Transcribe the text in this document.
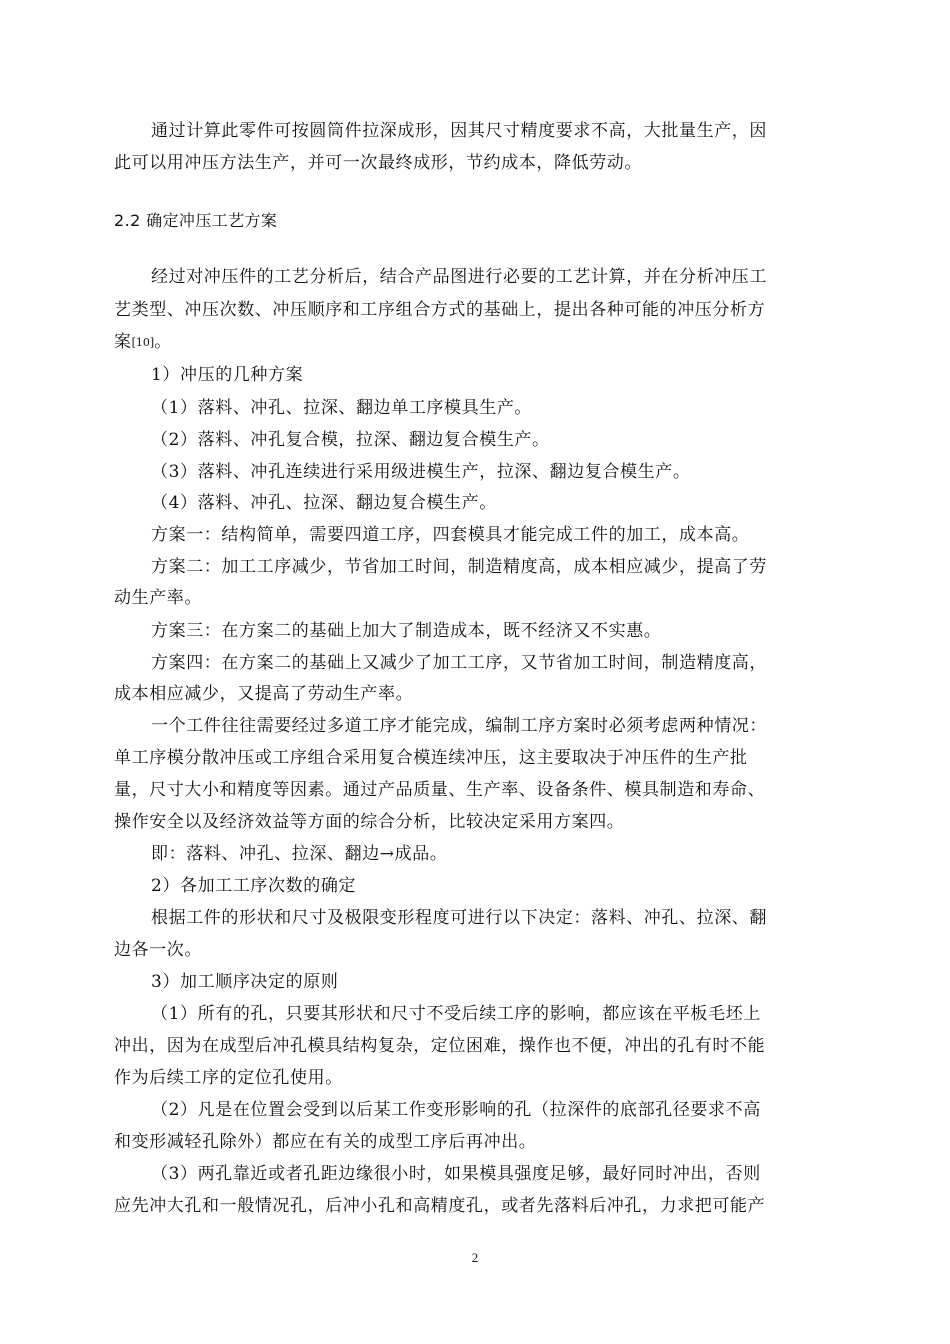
通过计算此零件可按圆筒件拉深成形，因其尺寸精度要求不高，大批量生产，因
此可以用冲压方法生产，并可一次最终成形，节约成本，降低劳动。
2.2 确定冲压工艺方案
经过对冲压件的工艺分析后，结合产品图进行必要的工艺计算，并在分析冲压工
艺类型、冲压次数、冲压顺序和工序组合方式的基础上，提出各种可能的冲压分析方
案[10]。
1）冲压的几种方案
（1）落料、冲孔、拉深、翻边单工序模具生产。
（2）落料、冲孔复合模，拉深、翻边复合模生产。
（3）落料、冲孔连续进行采用级进模生产，拉深、翻边复合模生产。
（4）落料、冲孔、拉深、翻边复合模生产。
方案一：结构简单，需要四道工序，四套模具才能完成工件的加工，成本高。
方案二：加工工序减少，节省加工时间，制造精度高，成本相应减少，提高了劳
动生产率。
方案三：在方案二的基础上加大了制造成本，既不经济又不实惠。
方案四：在方案二的基础上又减少了加工工序，又节省加工时间，制造精度高，
成本相应减少，又提高了劳动生产率。
一个工件往往需要经过多道工序才能完成，编制工序方案时必须考虑两种情况：
单工序模分散冲压或工序组合采用复合模连续冲压，这主要取决于冲压件的生产批
量，尺寸大小和精度等因素。通过产品质量、生产率、设备条件、模具制造和寿命、
操作安全以及经济效益等方面的综合分析，比较决定采用方案四。
即：落料、冲孔、拉深、翻边→成品。
2）各加工工序次数的确定
根据工件的形状和尺寸及极限变形程度可进行以下决定：落料、冲孔、拉深、翻
边各一次。
3）加工顺序决定的原则
（1）所有的孔，只要其形状和尺寸不受后续工序的影响，都应该在平板毛坯上
冲出，因为在成型后冲孔模具结构复杂，定位困难，操作也不便，冲出的孔有时不能
作为后续工序的定位孔使用。
（2）凡是在位置会受到以后某工作变形影响的孔（拉深件的底部孔径要求不高
和变形减轻孔除外）都应在有关的成型工序后再冲出。
（3）两孔靠近或者孔距边缘很小时，如果模具强度足够，最好同时冲出，否则
应先冲大孔和一般情况孔，后冲小孔和高精度孔，或者先落料后冲孔，力求把可能产
2
